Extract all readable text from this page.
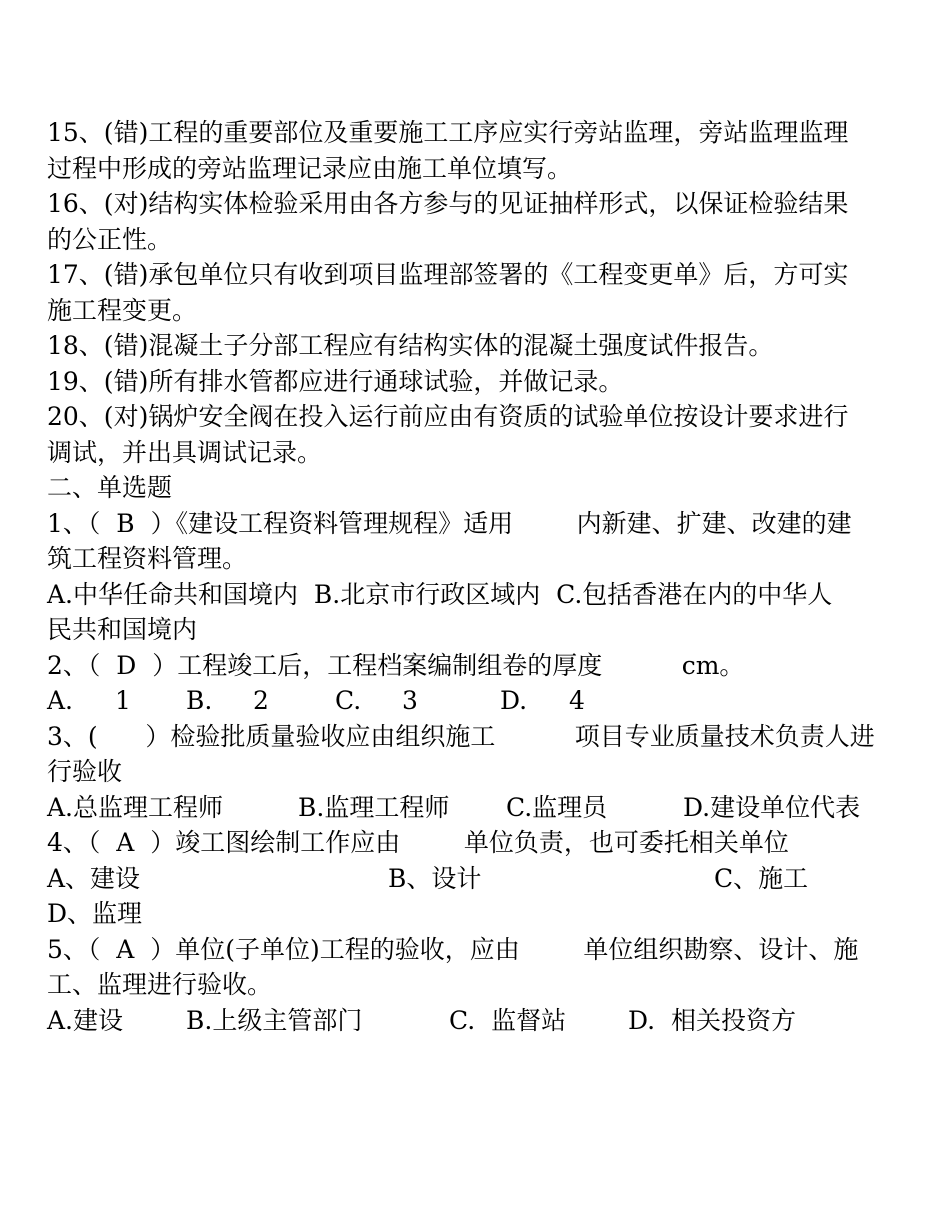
15、(错)工程的重要部位及重要施工工序应实行旁站监理，旁站监理监理
过程中形成的旁站监理记录应由施工单位填写。
16、(对)结构实体检验采用由各方参与的见证抽样形式，以保证检验结果
的公正性。
17、(错)承包单位只有收到项目监理部签署的《工程变更单》后，方可实
施工程变更。
18、(错)混凝土子分部工程应有结构实体的混凝土强度试件报告。
19、(错)所有排水管都应进行通球试验，并做记录。
20、(对)锅炉安全阀在投入运行前应由有资质的试验单位按设计要求进行
调试，并出具调试记录。
二、单选题
1、（  B  ）《建设工程资料管理规程》适用        内新建、扩建、改建的建
筑工程资料管理。
A.中华任命共和国境内  B.北京市行政区域内  C.包括香港在内的中华人
民共和国境内
2、（  D  ）工程竣工后，工程档案编制组卷的厚度          cm。

A.

1

B.

2

	C.

3

	D.

4

3、(      ）检验批质量验收应由组织施工          项目专业质量技术负责人进
行验收

A.总监理工程师

	B.监理工程师

C.监理员

	D.建设单位代表

4、（  A  ）竣工图绘制工作应由        单位负责，也可委托相关单位

A、建设

	B、设计

	C、施工

D、监理
5、（  A  ）单位(子单位)工程的验收，应由        单位组织勘察、设计、施
工、监理进行验收。

A.建设

	B.上级主管部门

	C.  监督站

D.  相关投资方
